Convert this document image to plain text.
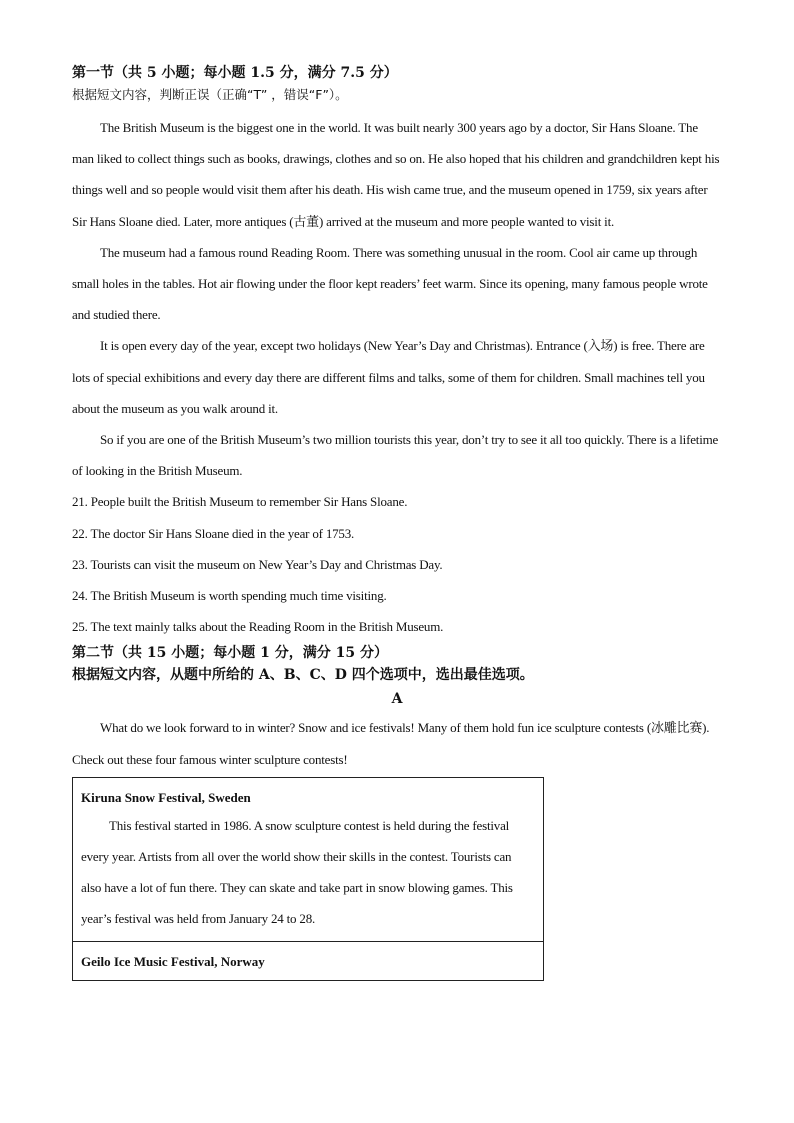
第一节（共 5 小题；每小题 1.5 分，满分 7.5 分）

根据短文内容，判断正误（正确“T” ，错误“F”）。

The British Museum is the biggest one in the world. It was built nearly 300 years ago by a doctor, Sir Hans Sloane. The man liked to collect things such as books, drawings, clothes and so on. He also hoped that his children and grandchildren kept his things well and so people would visit them after his death. His wish came true, and the museum opened in 1759, six years after Sir Hans Sloane died. Later, more antiques (古董) arrived at the museum and more people wanted to visit it.

The museum had a famous round Reading Room. There was something unusual in the room. Cool air came up through small holes in the tables. Hot air flowing under the floor kept readers’ feet warm. Since its opening, many famous people wrote and studied there.

It is open every day of the year, except two holidays (New Year’s Day and Christmas). Entrance (入场) is free. There are lots of special exhibitions and every day there are different films and talks, some of them for children. Small machines tell you about the museum as you walk around it.

So if you are one of the British Museum’s two million tourists this year, don’t try to see it all too quickly. There is a lifetime of looking in the British Museum.

21. People built the British Museum to remember Sir Hans Sloane.
22. The doctor Sir Hans Sloane died in the year of 1753.
23. Tourists can visit the museum on New Year’s Day and Christmas Day.
24. The British Museum is worth spending much time visiting.
25. The text mainly talks about the Reading Room in the British Museum.

第二节（共 15 小题；每小题 1 分，满分 15 分）

根据短文内容，从题中所给的 A、B、C、D 四个选项中，选出最佳选项。

A

What do we look forward to in winter? Snow and ice festivals! Many of them hold fun ice sculpture contests (冰雕比赛). Check out these four famous winter sculpture contests!

Kiruna Snow Festival, Sweden

This festival started in 1986. A snow sculpture contest is held during the festival every year. Artists from all over the world show their skills in the contest. Tourists can also have a lot of fun there. They can skate and take part in snow blowing games. This year’s festival was held from January 24 to 28.

Geilo Ice Music Festival, Norway
